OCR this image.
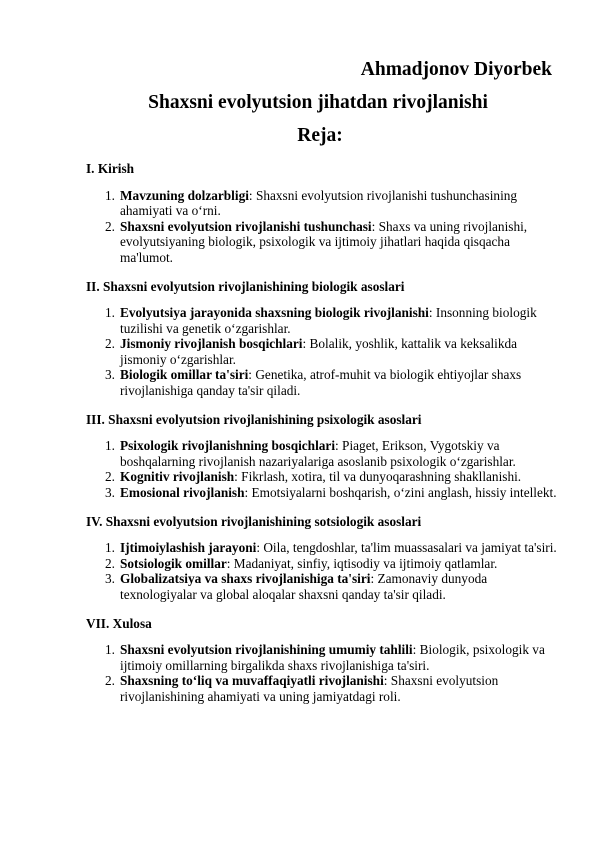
Ahmadjonov Diyorbek
Shaxsni evolyutsion jihatdan rivojlanishi
Reja:

I. Kirish

1. Mavzuning dolzarbligi: Shaxsni evolyutsion rivojlanishi tushunchasining ahamiyati va o‘rni.
2. Shaxsni evolyutsion rivojlanishi tushunchasi: Shaxs va uning rivojlanishi, evolyutsiyaning biologik, psixologik va ijtimoiy jihatlari haqida qisqacha ma'lumot.

II. Shaxsni evolyutsion rivojlanishining biologik asoslari

1. Evolyutsiya jarayonida shaxsning biologik rivojlanishi: Insonning biologik tuzilishi va genetik o‘zgarishlar.
2. Jismoniy rivojlanish bosqichlari: Bolalik, yoshlik, kattalik va keksalikda jismoniy o‘zgarishlar.
3. Biologik omillar ta'siri: Genetika, atrof-muhit va biologik ehtiyojlar shaxs rivojlanishiga qanday ta'sir qiladi.

III. Shaxsni evolyutsion rivojlanishining psixologik asoslari

1. Psixologik rivojlanishning bosqichlari: Piaget, Erikson, Vygotskiy va boshqalarning rivojlanish nazariyalariga asoslanib psixologik o‘zgarishlar.
2. Kognitiv rivojlanish: Fikrlash, xotira, til va dunyoqarashning shakllanishi.
3. Emosional rivojlanish: Emotsiyalarni boshqarish, o‘zini anglash, hissiy intellekt.

IV. Shaxsni evolyutsion rivojlanishining sotsiologik asoslari

1. Ijtimoiylashish jarayoni: Oila, tengdoshlar, ta'lim muassasalari va jamiyat ta'siri.
2. Sotsiologik omillar: Madaniyat, sinfiy, iqtisodiy va ijtimoiy qatlamlar.
3. Globalizatsiya va shaxs rivojlanishiga ta'siri: Zamonaviy dunyoda texnologiyalar va global aloqalar shaxsni qanday ta'sir qiladi.

VII. Xulosa

1. Shaxsni evolyutsion rivojlanishining umumiy tahlili: Biologik, psixologik va ijtimoiy omillarning birgalikda shaxs rivojlanishiga ta'siri.
2. Shaxsning to‘liq va muvaffaqiyatli rivojlanishi: Shaxsni evolyutsion rivojlanishining ahamiyati va uning jamiyatdagi roli.
